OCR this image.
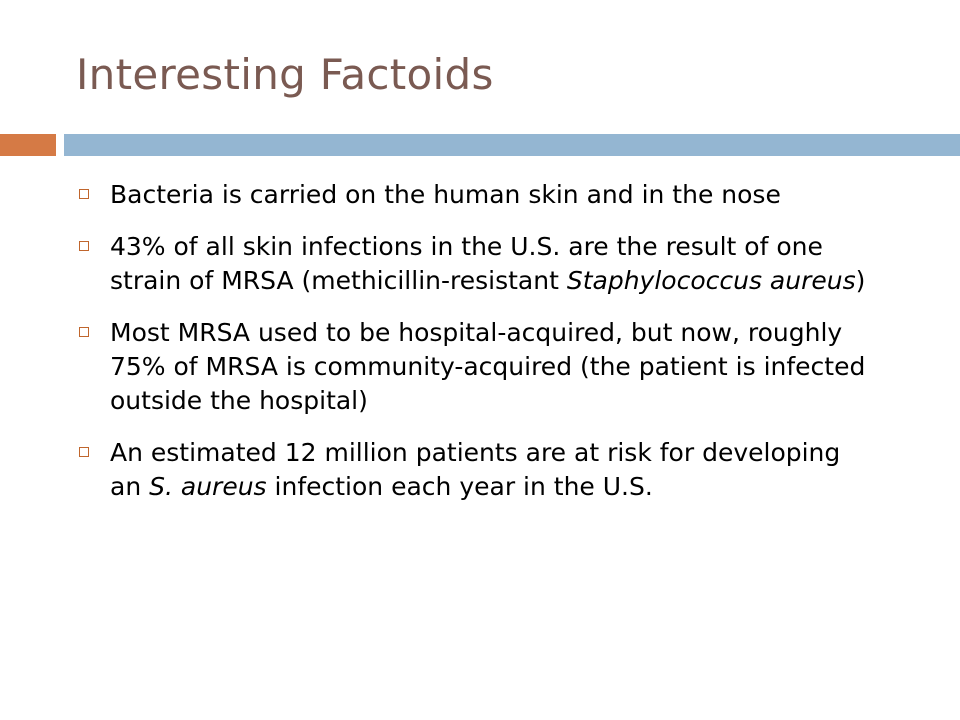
Interesting Factoids
Bacteria is carried on the human skin and in the nose
43% of all skin infections in the U.S. are the result of one strain of MRSA (methicillin-resistant Staphylococcus aureus)
Most MRSA used to be hospital-acquired, but now, roughly 75% of MRSA is community-acquired (the patient is infected outside the hospital)
An estimated 12 million patients are at risk for developing an S. aureus infection each year in the U.S.
